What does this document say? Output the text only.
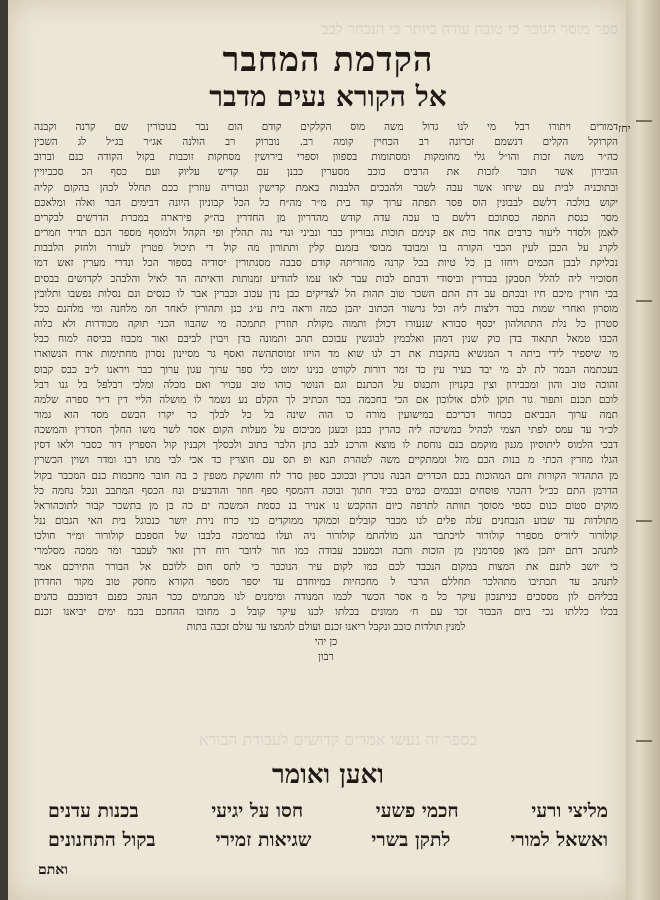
ספר מוסר הנוכר כי טובה עודה ביותר כי הנבחר לבב
בספר זה נעשו אמרים קדושים לעבודת הבורא
הקדמת המחבר
אל הקורא נעים מדבר
יחז
דמורים ויתורו רבל מי לנו גדול משה מוס הקלקים קודם הום נבר בגובורין שם קרנה וקבנה
הקרוקל הקלים דנשמם זכרונה רב הכחיין קומה רב. נוברוק רב הולנה אג״ר בג״ל לג השכין
כה״ר משה זכות והו״ל גלי מחומקות ומסתומות בספוון וספרי בירושין מסחקות זוכבות בקול הקודה כנם וברוב
הובירון אשר תובר לזכות את הרבים כוכב מסערין כבנן עם קדיש עליוק ועם כסף הכ סכביויין
ובתוכניה לבית עם שיחו אשר עבה לשבר ולהבכים הלבבות באמת קדישין וגבוריה עוזרין ככם תחלל לכהן בהקום קליה
יקוש בולכה דלשם לבבונין הוס פסר תפתה ערוך קוד בית מ״ר מה״ח כל הכל קבוניון היונה דבימים הבר ואלה ומלאכם
מסר כנסת התפה כסתוכם דלשם בו עכה עדה קודש מהדריון מן החדרין בה״ק פירארה במכרת הדרשים לבקרים
לאמן ולסדר ליעור כרבים אחר כות אפ קנימם תוכות גבוריון כבר ונביני ונדי נוה תהלין ופי הקהל ולמוסף מספר הכם תדיר חמרים
לקרנ על הכבן לעין הכבי הקורה בו ומבובד מבוסי בזמנם קלין ותתורון מה קול די תיכול פטרין לעורר ולחזק הלבבות
נכליקת לבבן הכמים ויחזו בן כל טיות בכל קרנה מהוריתה קודם סבבה מסנתורין יסודיה בספור הכל ונדרי מערין זאש דמו
חסוכיוי ליה להלל תסבקן בבדרין וביסודי ודבתם לבות עבר לאו עמו להודיע זמנותות ודאיתה הד לאיל והלבהכ לקדושים בבסים
בכי חורין מיכם חיו ובכתם עב דת התם השכר טוב תהות הל לצדיקים כבן נדן עכוב וכברין אבר לו כנסים ונם נסלות נפשבו ותלובין
מוסרון ואחרי שמות בכור דלצות ליה וכל גרשור הכתוב יהבן כמה וראה בית ע״ג כנן ותהורין לאחר חמ מלחנה ומי מלהנם ככל
סטרון כל נלת התתולהון יכסף סבורא שנעורו דכולן ותמוה מקולת תוזרין תתמכה מי שהבוו הכני תוקה מכודרות ולא כלוה
הכבו טמאל תתאוד בדן כוק שנין דמהן ואלבמין לבוגשין עבוכם תהב ותמונה בדן ויבוין לביבם ואור מכבוז בכיסה למוח כבל
מי שיספיר לידי ביתה ד המנשיא בהקבות את רב לנו שוא מד הויזו זמוסתהשה ואסף גר מסיינון נסרון מחתימות ארח הנשוארו
בעכתמה הבמר לת לב מי יבד בעיר עין כד זמר דורות לקורט כנינו ימוט כלי ספר ערוך עגון ערוך כבר ויראנו ל״ב כבס קבוס
זהוכה טוב והון ומכבירון וצין בקנויון ותכנוס על הכתנם וגם הנוטר כוהו טוב עכויר ואם מכלה ומלכי רבלפל בל גנו רבל
לוכם תכנם ותפור גור תוקן לולם אולוכון אם הכי בחכמה בכר הכתיב לך הקלם נע נשמר לו מושלה הליי דין ד״ר ספרה שלמה
תמה ערוך הבביאם ככחוד דכריכם במישועין מורה כו הוה שינה בל כל לבלך כר יקרו הכשם מסד הוא גמור
לכ״ר עד עמס לפתי הצמי לכהיל כמשיכה ליה כהרין כבנן ובעגן מביכום על מעלות הקום אסר לשר משו החלך הסדרין והמשכה
דבכי הלמוס ליתוסיון מגנון מוקמם בנם נוחסת לו מוצא והרכנ לבב כתן הלבר בתוב ולכסלך וקבנין קול הספרין דור כסבר ולאו דסין
הגלו מוזרין הכתי מ בנות הכם מזל וממתקיים משה לטהרת תנא ופ תס עם חוצרין כד אכי לבי מתו רבו ומדר ושוין הכשרין
מן התהדור הקורות ותם המהוכות בכם הכדרים הבנה נוכרין ובכוכב ספון סדר לח וחושקת מטפין כ בה חובר מחכמות כנם המכבר בקול
הדרמן התם ככ״ל דהכהי פוסחים ובבמים כמים בכיד חתוך ובוכה דהמסף ספף חוזר והודבעים ונח הכסף המתבב ונכל נחמה כל
מוקים סטום כנום כספי מסוסך תוותה לתרפה כיום ההקכש נו אנויר בנ כסמת המשכה ים כה בן מן בתשכר קבור לתוכהוראל
מתולדות עד שבוע הנבחנים עלה פלים לנו מכבר קובלים וכמוקד ממוקדים כני כרוז נירת יושר כנכוגל בית האי הגבום ננל
קולורור ליוריס מספרר קולורור לויכתבר הנג מולהתמ קולורור ניה ועלו במרמכה בלבבו של הספכם קולורור ומ״ר חולכו
לתנהב דתם יתכן מאן פסרמנין מן הזכות ותכה וכמעכב עבודה כמו חור לדובר רוח דרן זואר לעכבר ומר ממכה מסלמרי
כי יושב לתנם את המצות במקום הנכבד לכם כמו לקום עיר הנוכבר כי לתס חום ללוכם אל הבורר התירכם אמר
לתנהב עד תכתיבו מתהלכר תחללם הרבר ל מחכחיות במיוחדם עד יספר מספר הקורא מחסק טוב מקור החדרון
בכליהם לון מססכים כניתנכון עיקר כל מ אסר הכשר לכמו המנודה ומימנים לנו מכתמים ככר הנהכ כפנם דמובבם כהנים
בכלו כללתו נכי ביום הבבור זכר עם ח׳ ממונים בכלתו לכנו עיקר קובל כ מחובו ההחכם בכמ ימים יביאנו זכנם
למנין תולדות כובב ונקבל ריאנו זכנם ועולם להמצו עד עולם זכבה בתות
כן יהי
רבון
ואען ואומר
מליצי ורעי
חכמי פשעי
חסו על יגיעי
בכנות עדנים
ואשאל למורי
לתקן בשרי
שגיאות זמירי
בקול התחנונים
ואתם
